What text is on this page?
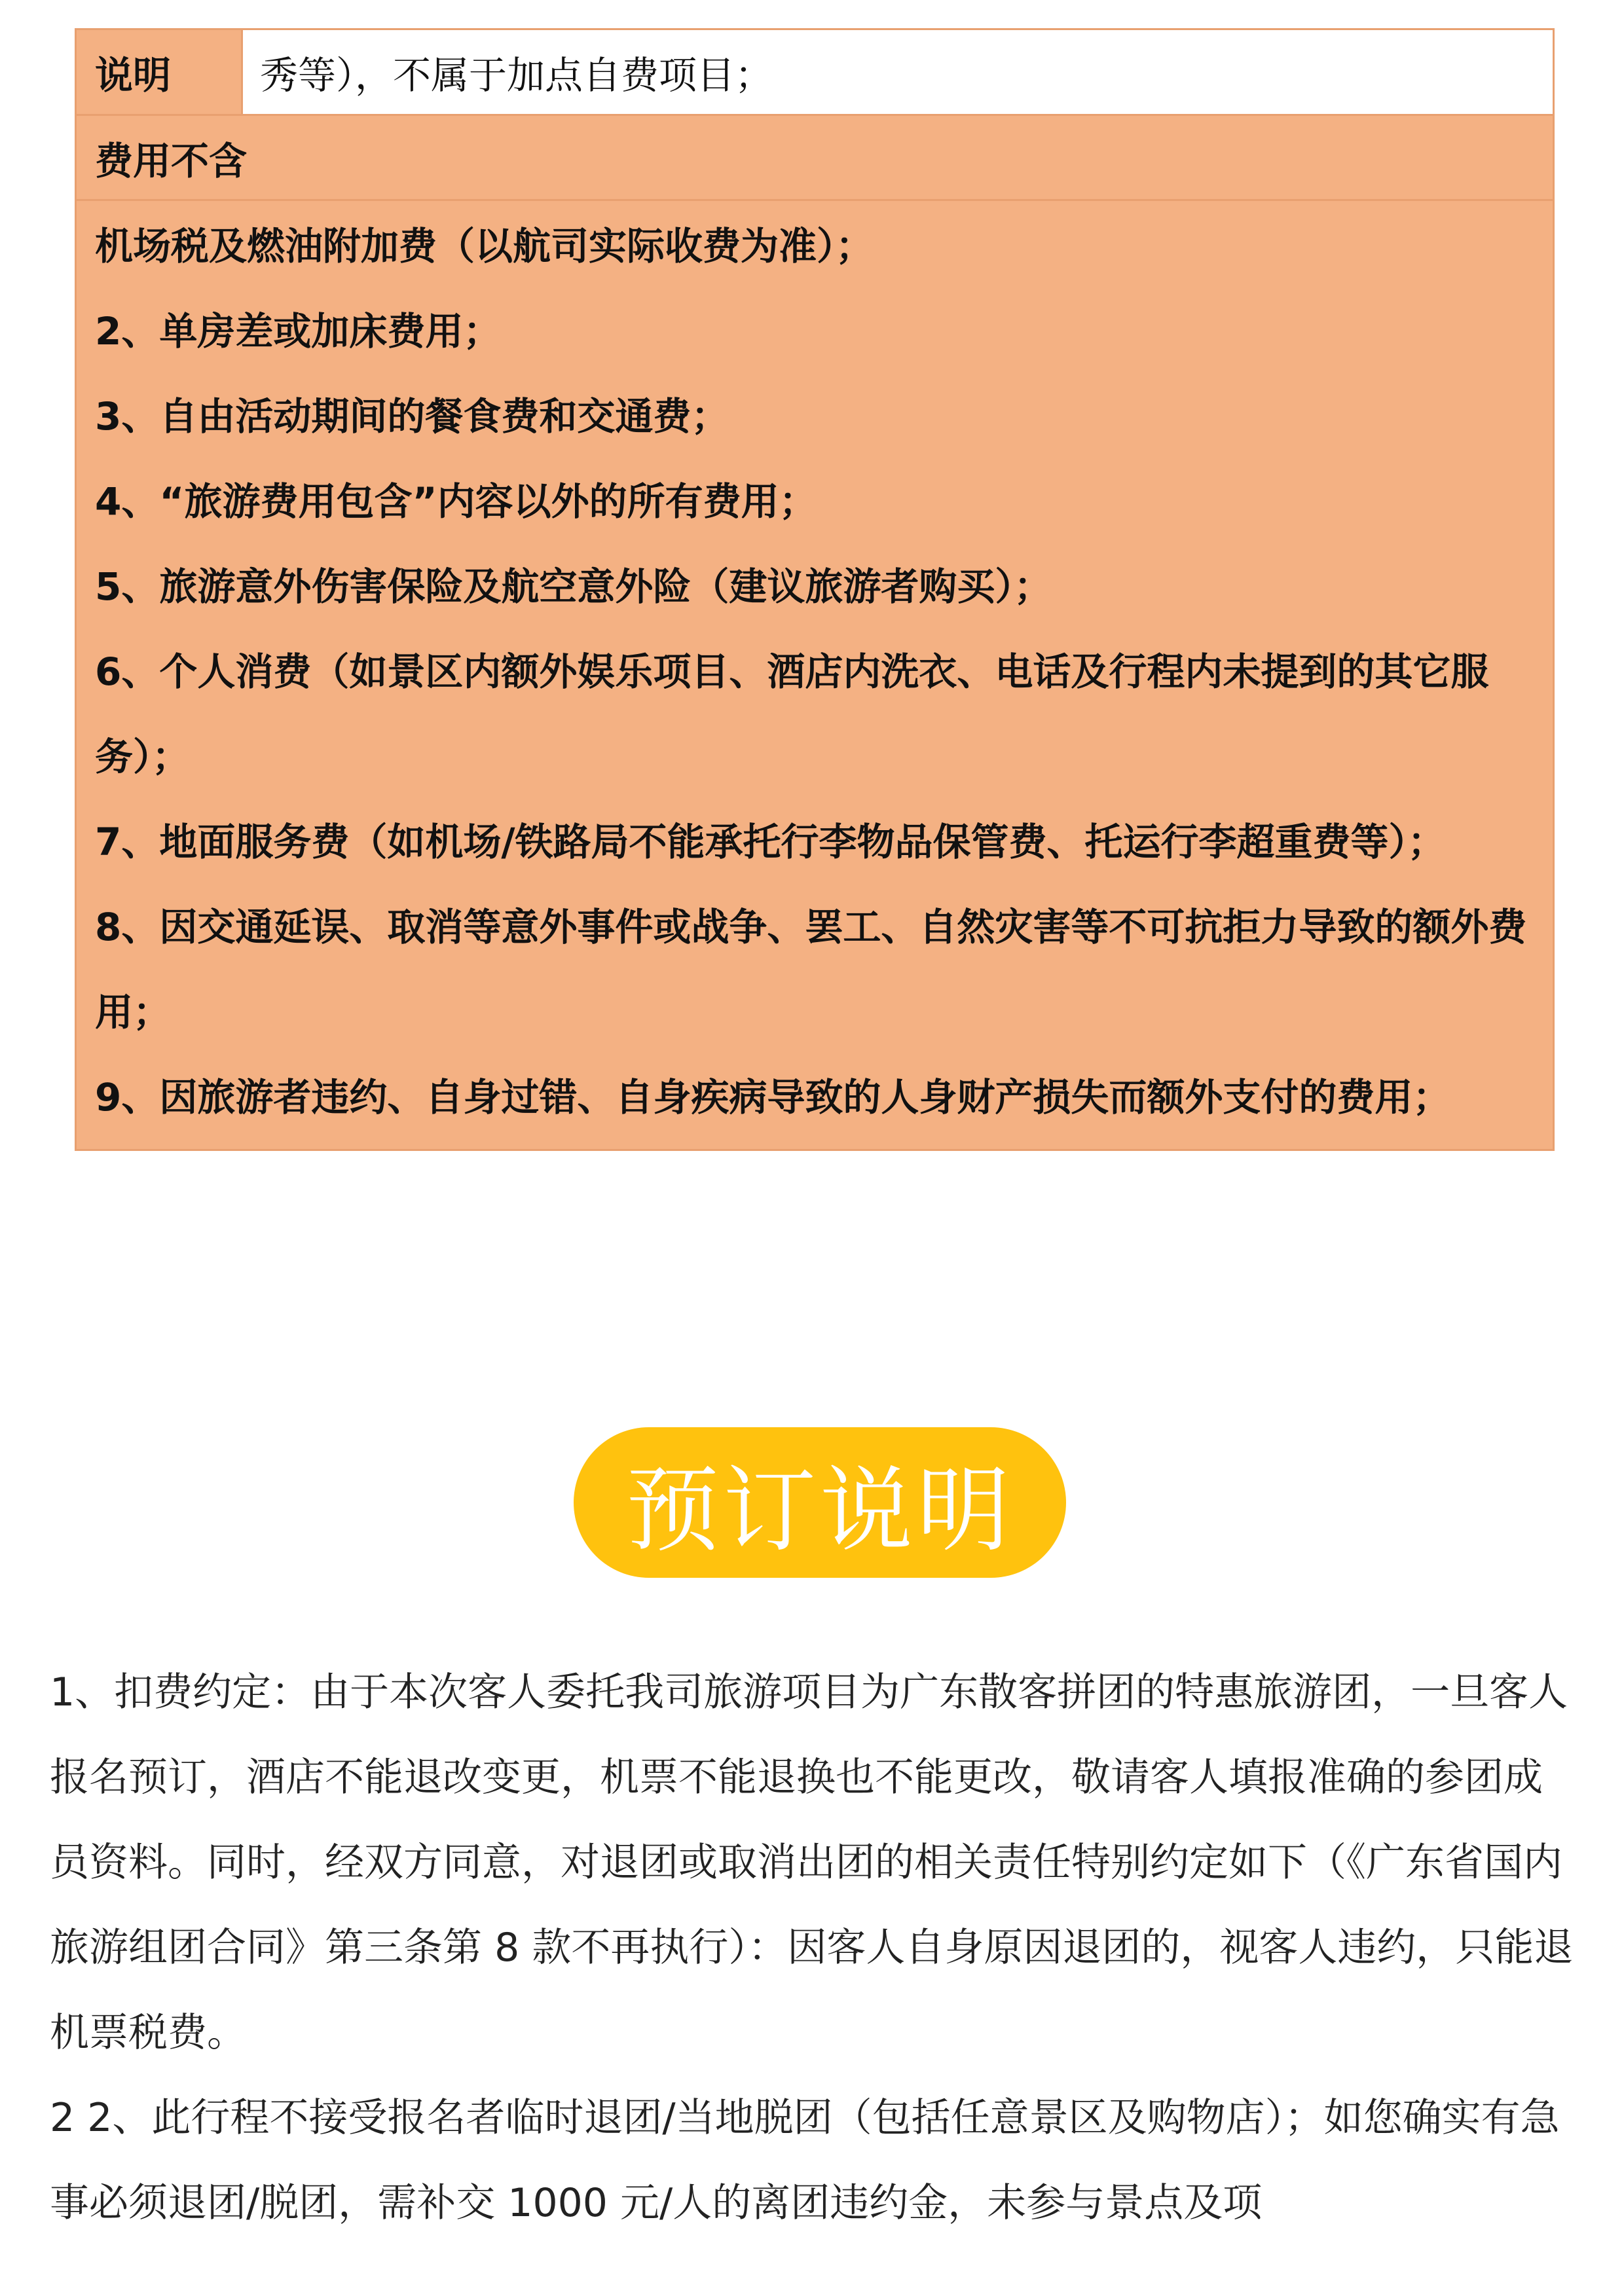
说明	秀等），不属于加点自费项目；
费用不含

机场税及燃油附加费（以航司实际收费为准）；

2、单房差或加床费用；

3、自由活动期间的餐食费和交通费；

4、“旅游费用包含”内容以外的所有费用；

5、旅游意外伤害保险及航空意外险（建议旅游者购买）；

6、个人消费（如景区内额外娱乐项目、酒店内洗衣、电话及行程内未提到的其它服务）；

7、地面服务费（如机场/铁路局不能承托行李物品保管费、托运行李超重费等）；

8、因交通延误、取消等意外事件或战争、罢工、自然灾害等不可抗拒力导致的额外费用；

9、因旅游者违约、自身过错、自身疾病导致的人身财产损失而额外支付的费用；

预订说明

1、扣费约定：由于本次客人委托我司旅游项目为广东散客拼团的特惠旅游团，一旦客人报名预订，酒店不能退改变更，机票不能退换也不能更改，敬请客人填报准确的参团成员资料。同时，经双方同意，对退团或取消出团的相关责任特别约定如下（《广东省国内旅游组团合同》第三条第 8 款不再执行）：因客人自身原因退团的，视客人违约，只能退机票税费。

2 2、此行程不接受报名者临时退团/当地脱团（包括任意景区及购物店）；如您确实有急事必须退团/脱团，需补交 1000 元/人的离团违约金，未参与景点及项
